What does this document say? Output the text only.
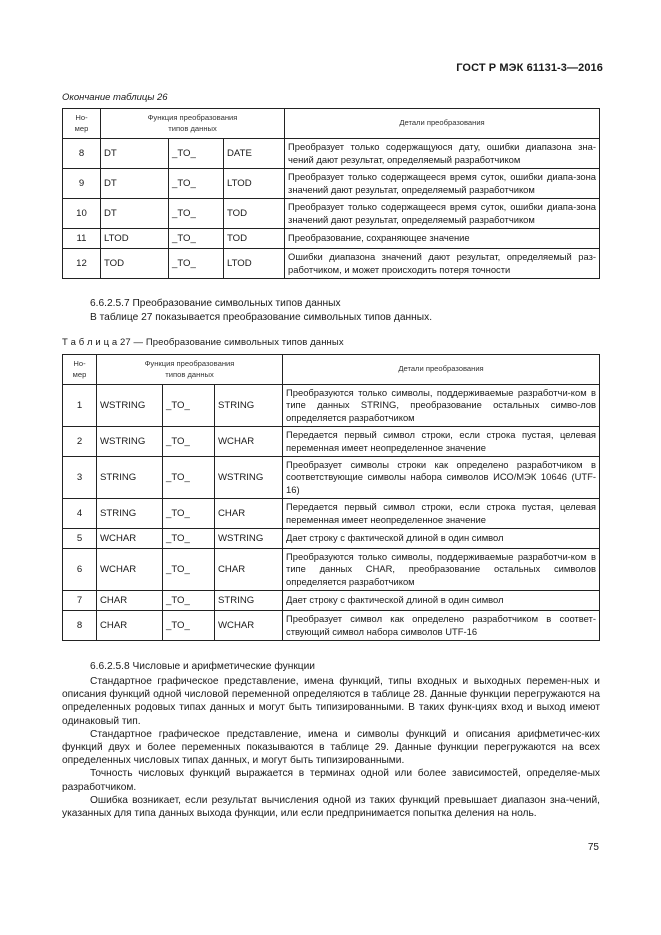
ГОСТ Р МЭК 61131-3—2016
Окончание таблицы 26
Но-
мер	Функция преобразования
типов данных			Детали преобразования
8	DT	_TO_	DATE	Преобразует только содержащуюся дату, ошибки диапазона зна-чений дают результат, определяемый разработчиком
9	DT	_TO_	LTOD	Преобразует только содержащееся время суток, ошибки диапа-зона значений дают результат, определяемый разработчиком
10	DT	_TO_	TOD	Преобразует только содержащееся время суток, ошибки диапа-зона значений дают результат, определяемый разработчиком
11	LTOD	_TO_	TOD	Преобразование, сохраняющее значение
12	TOD	_TO_	LTOD	Ошибки диапазона значений дают результат, определяемый раз-работчиком, и может происходить потеря точности
6.6.2.5.7 Преобразование символьных типов данных
В таблице 27 показывается преобразование символьных типов данных.
Т а б л и ц а 27 — Преобразование символьных типов данных
Но-
мер	Функция преобразования
типов данных			Детали преобразования
1	WSTRING	_TO_	STRING	Преобразуются только символы, поддерживаемые разработчи-ком в типе данных STRING, преобразование остальных симво-лов определяется разработчиком
2	WSTRING	_TO_	WCHAR	Передается первый символ строки, если строка пустая, целевая переменная имеет неопределенное значение
3	STRING	_TO_	WSTRING	Преобразует символы строки как определено разработчиком в соответствующие символы набора символов ИСО/МЭК 10646 (UTF-16)
4	STRING	_TO_	CHAR	Передается первый символ строки, если строка пустая, целевая переменная имеет неопределенное значение
5	WCHAR	_TO_	WSTRING	Дает строку с фактической длиной в один символ
6	WCHAR	_TO_	CHAR	Преобразуются только символы, поддерживаемые разработчи-ком в типе данных CHAR, преобразование остальных символов определяется разработчиком
7	CHAR	_TO_	STRING	Дает строку с фактической длиной в один символ
8	CHAR	_TO_	WCHAR	Преобразует символ как определено разработчиком в соответ-ствующий символ набора символов UTF-16
6.6.2.5.8 Числовые и арифметические функции

Стандартное графическое представление, имена функций, типы входных и выходных перемен-ных и описания функций одной числовой переменной определяются в таблице 28. Данные функции перегружаются на определенных родовых типах данных и могут быть типизированными. В таких функ-циях вход и выход имеют одинаковый тип.

Стандартное графическое представление, имена и символы функций и описания арифметичес-ких функций двух и более переменных показываются в таблице 29. Данные функции перегружаются на всех определенных числовых типах данных, и могут быть типизированными.

Точность числовых функций выражается в терминах одной или более зависимостей, определяе-мых разработчиком.

Ошибка возникает, если результат вычисления одной из таких функций превышает диапазон зна-чений, указанных для типа данных выхода функции, или если предпринимается попытка деления на ноль.

75
